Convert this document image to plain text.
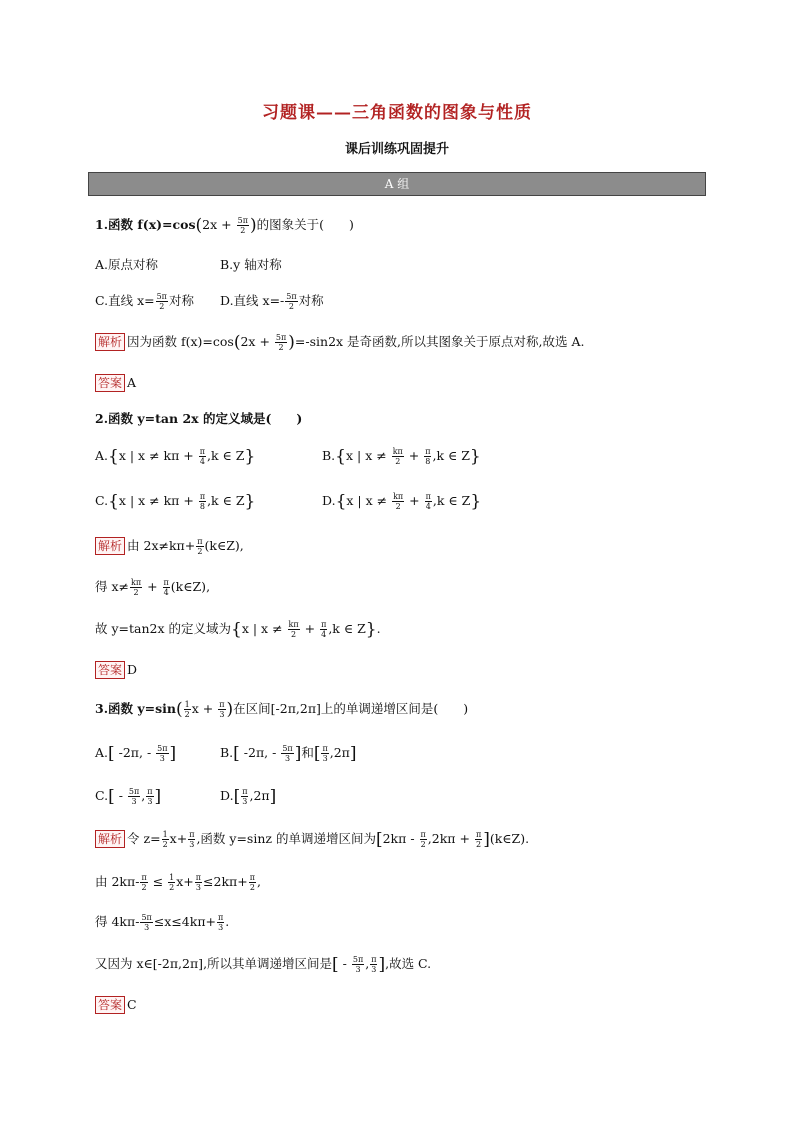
习题课——三角函数的图象与性质
课后训练巩固提升
A 组
1.函数 $f(x)=\cos(2x + \frac{5\pi}{2}$ )的图象关于(　　)
A.原点对称	B.y 轴对称
C.直线 $x= \frac{5\pi}{2}$ 对称 D.直线 $x=- \frac{5\pi}{2}$ 对称
解析 因为函数 $f(x)=\cos(2x + \frac{5\pi}{2} )=-\sin 2x$ 是奇函数,所以其图象关于原点对称,故选 A.
答案 A
2.函数 y=tan 2x 的定义域是(　　)
A.{x | $x \ne k\pi + \frac{\pi}{4} ,k$ ∈ Z}	B.{x | $x \ne \frac{k\pi}{2} + \frac{\pi}{8} ,k$ ∈ Z}
C.{x | $x \ne k\pi + \frac{\pi}{8} ,k$ ∈ Z}	D.{x | $x \ne \frac{k\pi}{2} + \frac{\pi}{4} ,k$ ∈ Z}
解析 由 $2x\ne k\pi+ \frac{\pi}{2}$ (k∈Z),
得 $x\ne \frac{k\pi}{2} + \frac{\pi}{4}$ (k∈Z),
故 y=tan2x 的定义域为{x | $x \ne \frac{k\pi}{2} + \frac{\pi}{4} ,k$ ∈ Z}.
答案 D
3.函数 $y=\sin( \frac{1}{2}$ $x + \frac{\pi}{3}$ )在区间[-2π,2π]上的单调递增区间是(　　)
A.[ -2π, - $\frac{5\pi}{3}$ ]	B.[ -2π, - $\frac{5\pi}{3}$ ]和[ $\frac{\pi}{3} ,2\pi$]
$C.[ - \frac{5\pi}{3}$ , $\frac{\pi}{3}$ ]	$D.[ \frac{\pi}{3} ,2\pi]$
解析 令 $z= \frac{1}{2} x+ \frac{\pi}{3}$ ,函数 y=sinz 的单调递增区间为[$2k\pi - \frac{\pi}{2} ,2k\pi + \frac{\pi}{2}$ ](k∈Z).
由 $2k\pi- \frac{\pi}{2} \le \frac{1}{2} x+ \frac{\pi}{3} \le 2k\pi+ \frac{\pi}{2}$ ,
得 $4k\pi- \frac{5\pi}{3} \le x\le 4k\pi+ \frac{\pi}{3}$ .
又因为 x∈[-2π,2π],所以其单调递增区间是[ - $\frac{5\pi}{3}$ , $\frac{\pi}{3}$ ],故选 C.
答案 C
